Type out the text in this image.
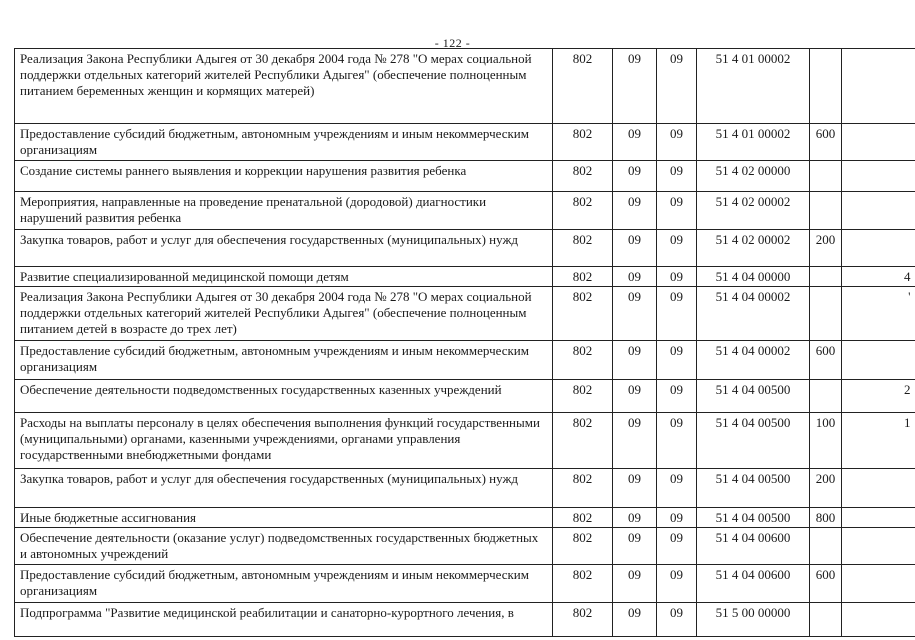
- 122 -
Реализация Закона Республики Адыгея от 30 декабря 2004 года № 278 "О мерах социальной поддержки отдельных категорий жителей Республики Адыгея" (обеспечение полноценным питанием беременных женщин и кормящих матерей)	802	09	09	51 4 01 00002		
Предоставление субсидий бюджетным, автономным учреждениям и иным некоммерческим организациям	802	09	09	51 4 01 00002	600	
Создание системы раннего выявления и коррекции нарушения развития ребенка	802	09	09	51 4 02 00000		
Мероприятия, направленные на проведение пренатальной (дородовой) диагностики нарушений развития ребенка	802	09	09	51 4 02 00002		
Закупка товаров, работ и услуг для обеспечения государственных (муниципальных) нужд	802	09	09	51 4 02 00002	200	
Развитие специализированной медицинской помощи детям	802	09	09	51 4 04 00000		4
Реализация Закона Республики Адыгея от 30 декабря 2004 года № 278 "О мерах социальной поддержки отдельных категорий жителей Республики Адыгея" (обеспечение полноценным питанием детей в возрасте до трех лет)	802	09	09	51 4 04 00002		'
Предоставление субсидий бюджетным, автономным учреждениям и иным некоммерческим организациям	802	09	09	51 4 04 00002	600	
Обеспечение деятельности подведомственных государственных казенных учреждений	802	09	09	51 4 04 00500		2
Расходы на выплаты персоналу в целях обеспечения выполнения функций государственными (муниципальными) органами, казенными учреждениями, органами управления государственными внебюджетными фондами	802	09	09	51 4 04 00500	100	1
Закупка товаров, работ и услуг для обеспечения государственных (муниципальных) нужд	802	09	09	51 4 04 00500	200	
Иные бюджетные ассигнования	802	09	09	51 4 04 00500	800	
Обеспечение деятельности (оказание услуг) подведомственных государственных бюджетных и автономных учреждений	802	09	09	51 4 04 00600		
Предоставление субсидий бюджетным, автономным учреждениям и иным некоммерческим организациям	802	09	09	51 4 04 00600	600	
Подпрограмма "Развитие медицинской реабилитации и санаторно-курортного лечения, в	802	09	09	51 5 00 00000		
